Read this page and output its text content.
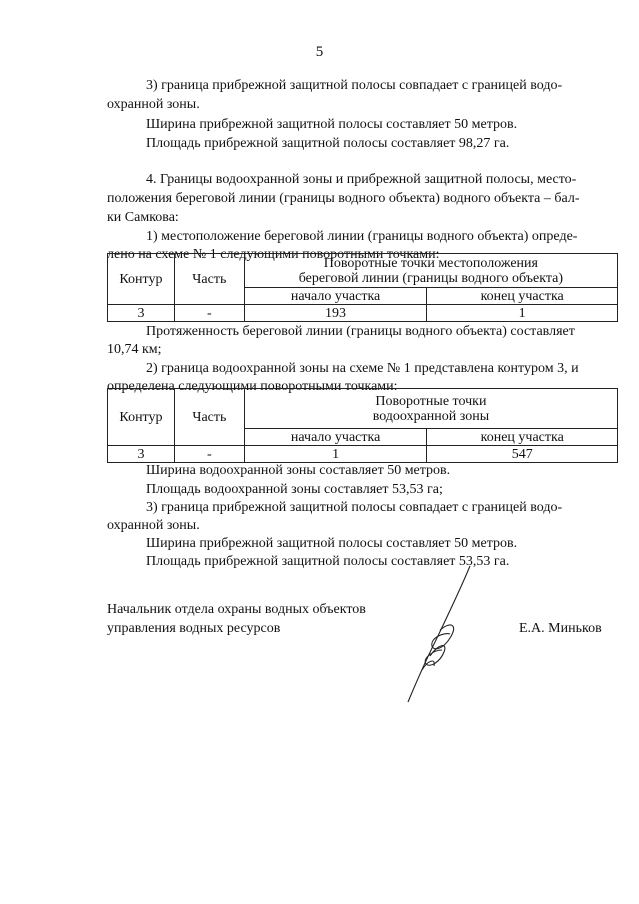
5
3) граница прибрежной защитной полосы совпадает с границей водо-
охранной зоны.
Ширина прибрежной защитной полосы составляет 50 метров.
Площадь прибрежной защитной полосы составляет 98,27 га.
4. Границы водоохранной зоны и прибрежной защитной полосы, место-
положения береговой линии (границы водного объекта) водного объекта – бал-
ки Самкова:
1) местоположение береговой линии (границы водного объекта) опреде-
лено на схеме № 1 следующими поворотными точками:
Контур	Часть	Поворотные точки местоположения береговой линии (границы водного объекта)	
		начало участка	конец участка
3	-	193	1
Протяженность береговой линии (границы водного объекта) составляет
10,74 км;
2) граница водоохранной зоны на схеме № 1 представлена контуром 3, и
определена следующими поворотными точками:
Контур	Часть	Поворотные точки
водоохранной зоны	

		начало участка	конец участка
3	-	1	547
Ширина водоохранной зоны составляет 50 метров.
Площадь водоохранной зоны составляет 53,53 га;
3) граница прибрежной защитной полосы совпадает с границей водо-
охранной зоны.
Ширина прибрежной защитной полосы составляет 50 метров.
Площадь прибрежной защитной полосы составляет 53,53 га.
Начальник отдела охраны водных объектов
управления водных ресурсов	Е.А. Миньков
